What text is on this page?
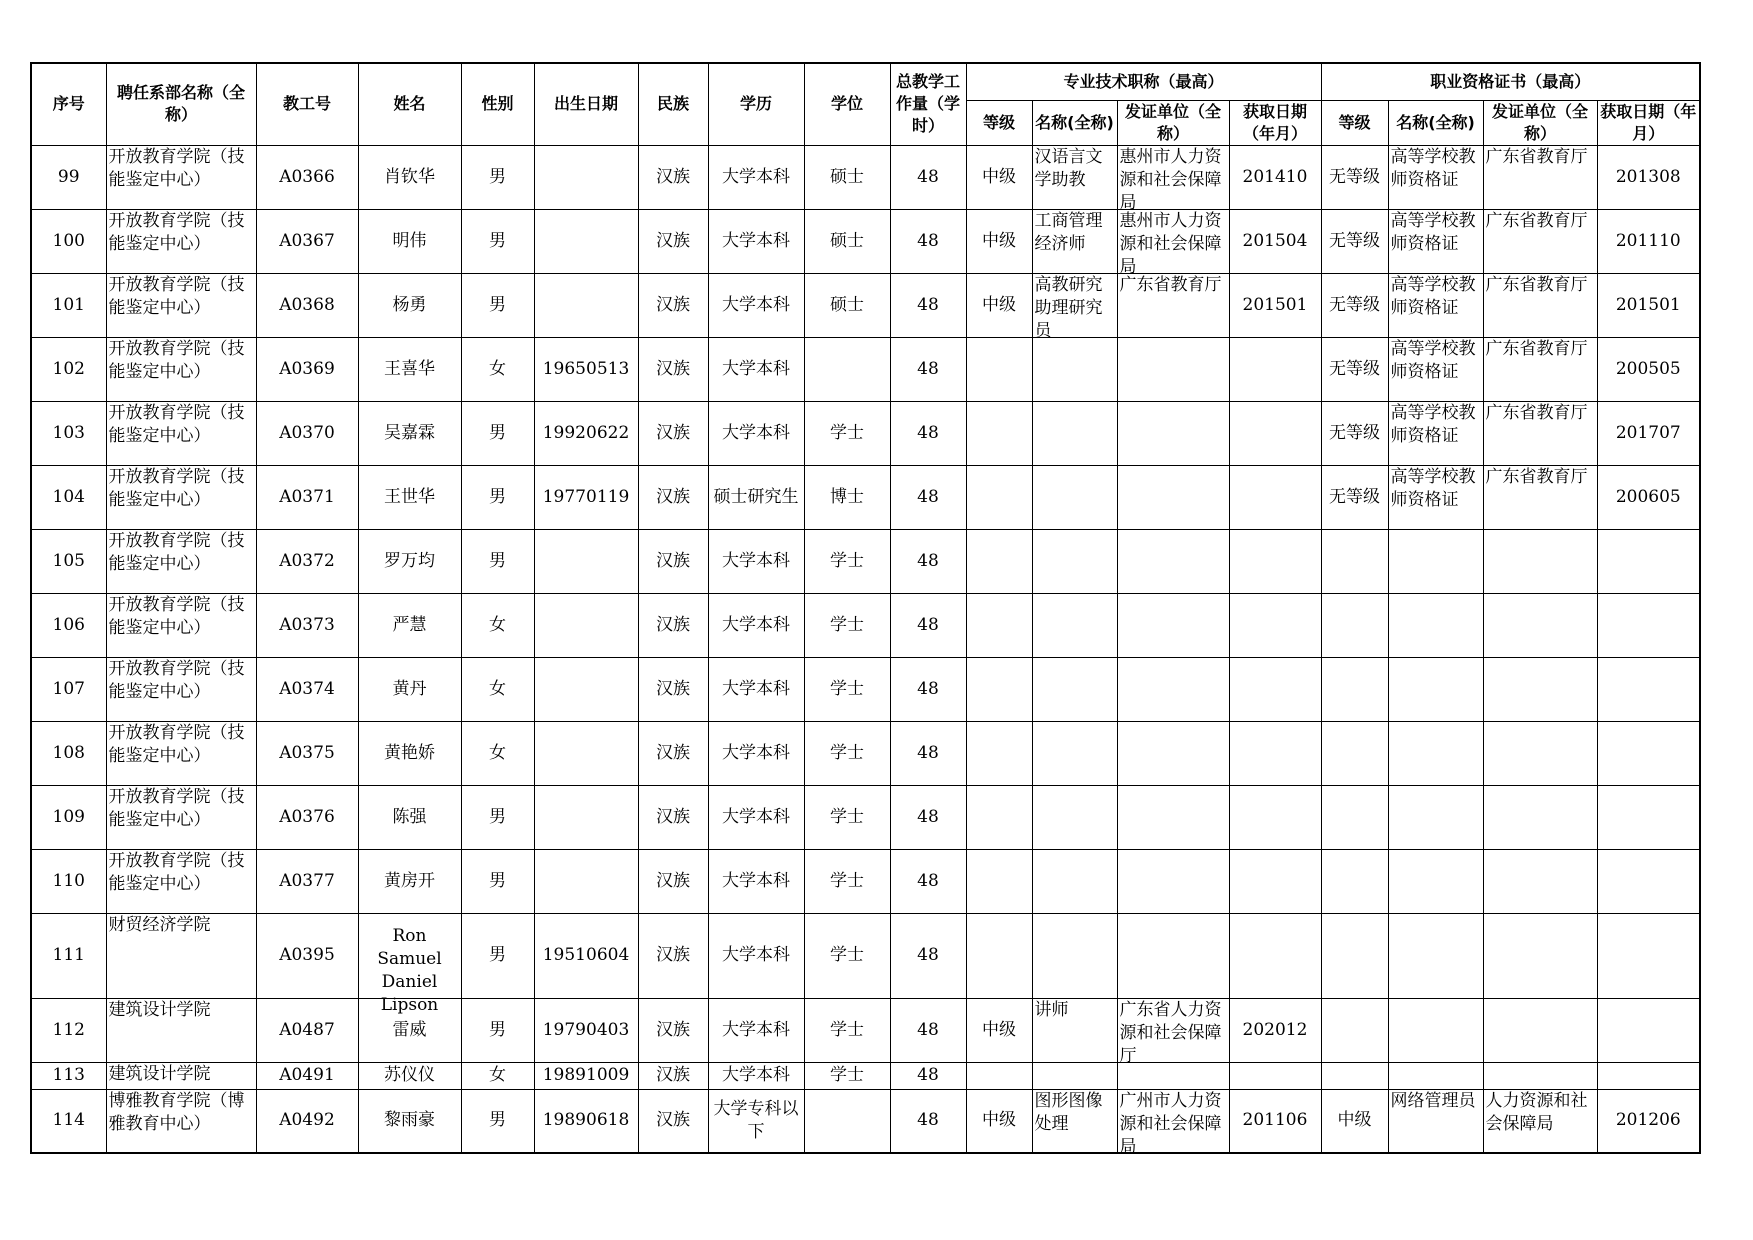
序号	聘任系部名称（全称）	教工号	姓名	性别	出生日期	民族	学历	学位	总教学工作量（学时）	专业技术职称（最高）				职业资格证书（最高）			
										等级	名称(全称)	发证单位（全称）	获取日期（年月）	等级	名称(全称)	发证单位（全称）	获取日期（年月）

99	开放教育学院（技能鉴定中心）	A0366	肖钦华	男		汉族	大学本科	硕士	48	中级	汉语言文学助教	惠州市人力资源和社会保障局	201410	无等级	高等学校教师资格证	广东省教育厅	201308

100	开放教育学院（技能鉴定中心）	A0367	明伟	男		汉族	大学本科	硕士	48	中级	工商管理经济师	惠州市人力资源和社会保障局	201504	无等级	高等学校教师资格证	广东省教育厅	201110

101	开放教育学院（技能鉴定中心）	A0368	杨勇	男		汉族	大学本科	硕士	48	中级	高教研究助理研究员	广东省教育厅	201501	无等级	高等学校教师资格证	广东省教育厅	201501

102	开放教育学院（技能鉴定中心）	A0369	王喜华	女	19650513	汉族	大学本科		48					无等级	高等学校教师资格证	广东省教育厅	200505

103	开放教育学院（技能鉴定中心）	A0370	吴嘉霖	男	19920622	汉族	大学本科	学士	48					无等级	高等学校教师资格证	广东省教育厅	201707

104	开放教育学院（技能鉴定中心）	A0371	王世华	男	19770119	汉族	硕士研究生	博士	48					无等级	高等学校教师资格证	广东省教育厅	200605

105	开放教育学院（技能鉴定中心）	A0372	罗万均	男		汉族	大学本科	学士	48								

106	开放教育学院（技能鉴定中心）	A0373	严慧	女		汉族	大学本科	学士	48								

107	开放教育学院（技能鉴定中心）	A0374	黄丹	女		汉族	大学本科	学士	48								

108	开放教育学院（技能鉴定中心）	A0375	黄艳娇	女		汉族	大学本科	学士	48								

109	开放教育学院（技能鉴定中心）	A0376	陈强	男		汉族	大学本科	学士	48								

110	开放教育学院（技能鉴定中心）	A0377	黄房开	男		汉族	大学本科	学士	48								

111	财贸经济学院	A0395	Ron Samuel Daniel Lipson	男	19510604	汉族	大学本科	学士	48								

112	建筑设计学院	A0487	雷威	男	19790403	汉族	大学本科	学士	48	中级	讲师	广东省人力资源和社会保障厅	202012				

113	建筑设计学院	A0491	苏仪仪	女	19891009	汉族	大学本科	学士	48								

114	博雅教育学院（博雅教育中心）	A0492	黎雨豪	男	19890618	汉族	大学专科以下		48	中级	图形图像处理	广州市人力资源和社会保障局	201106	中级	网络管理员	人力资源和社会保障局	201206
